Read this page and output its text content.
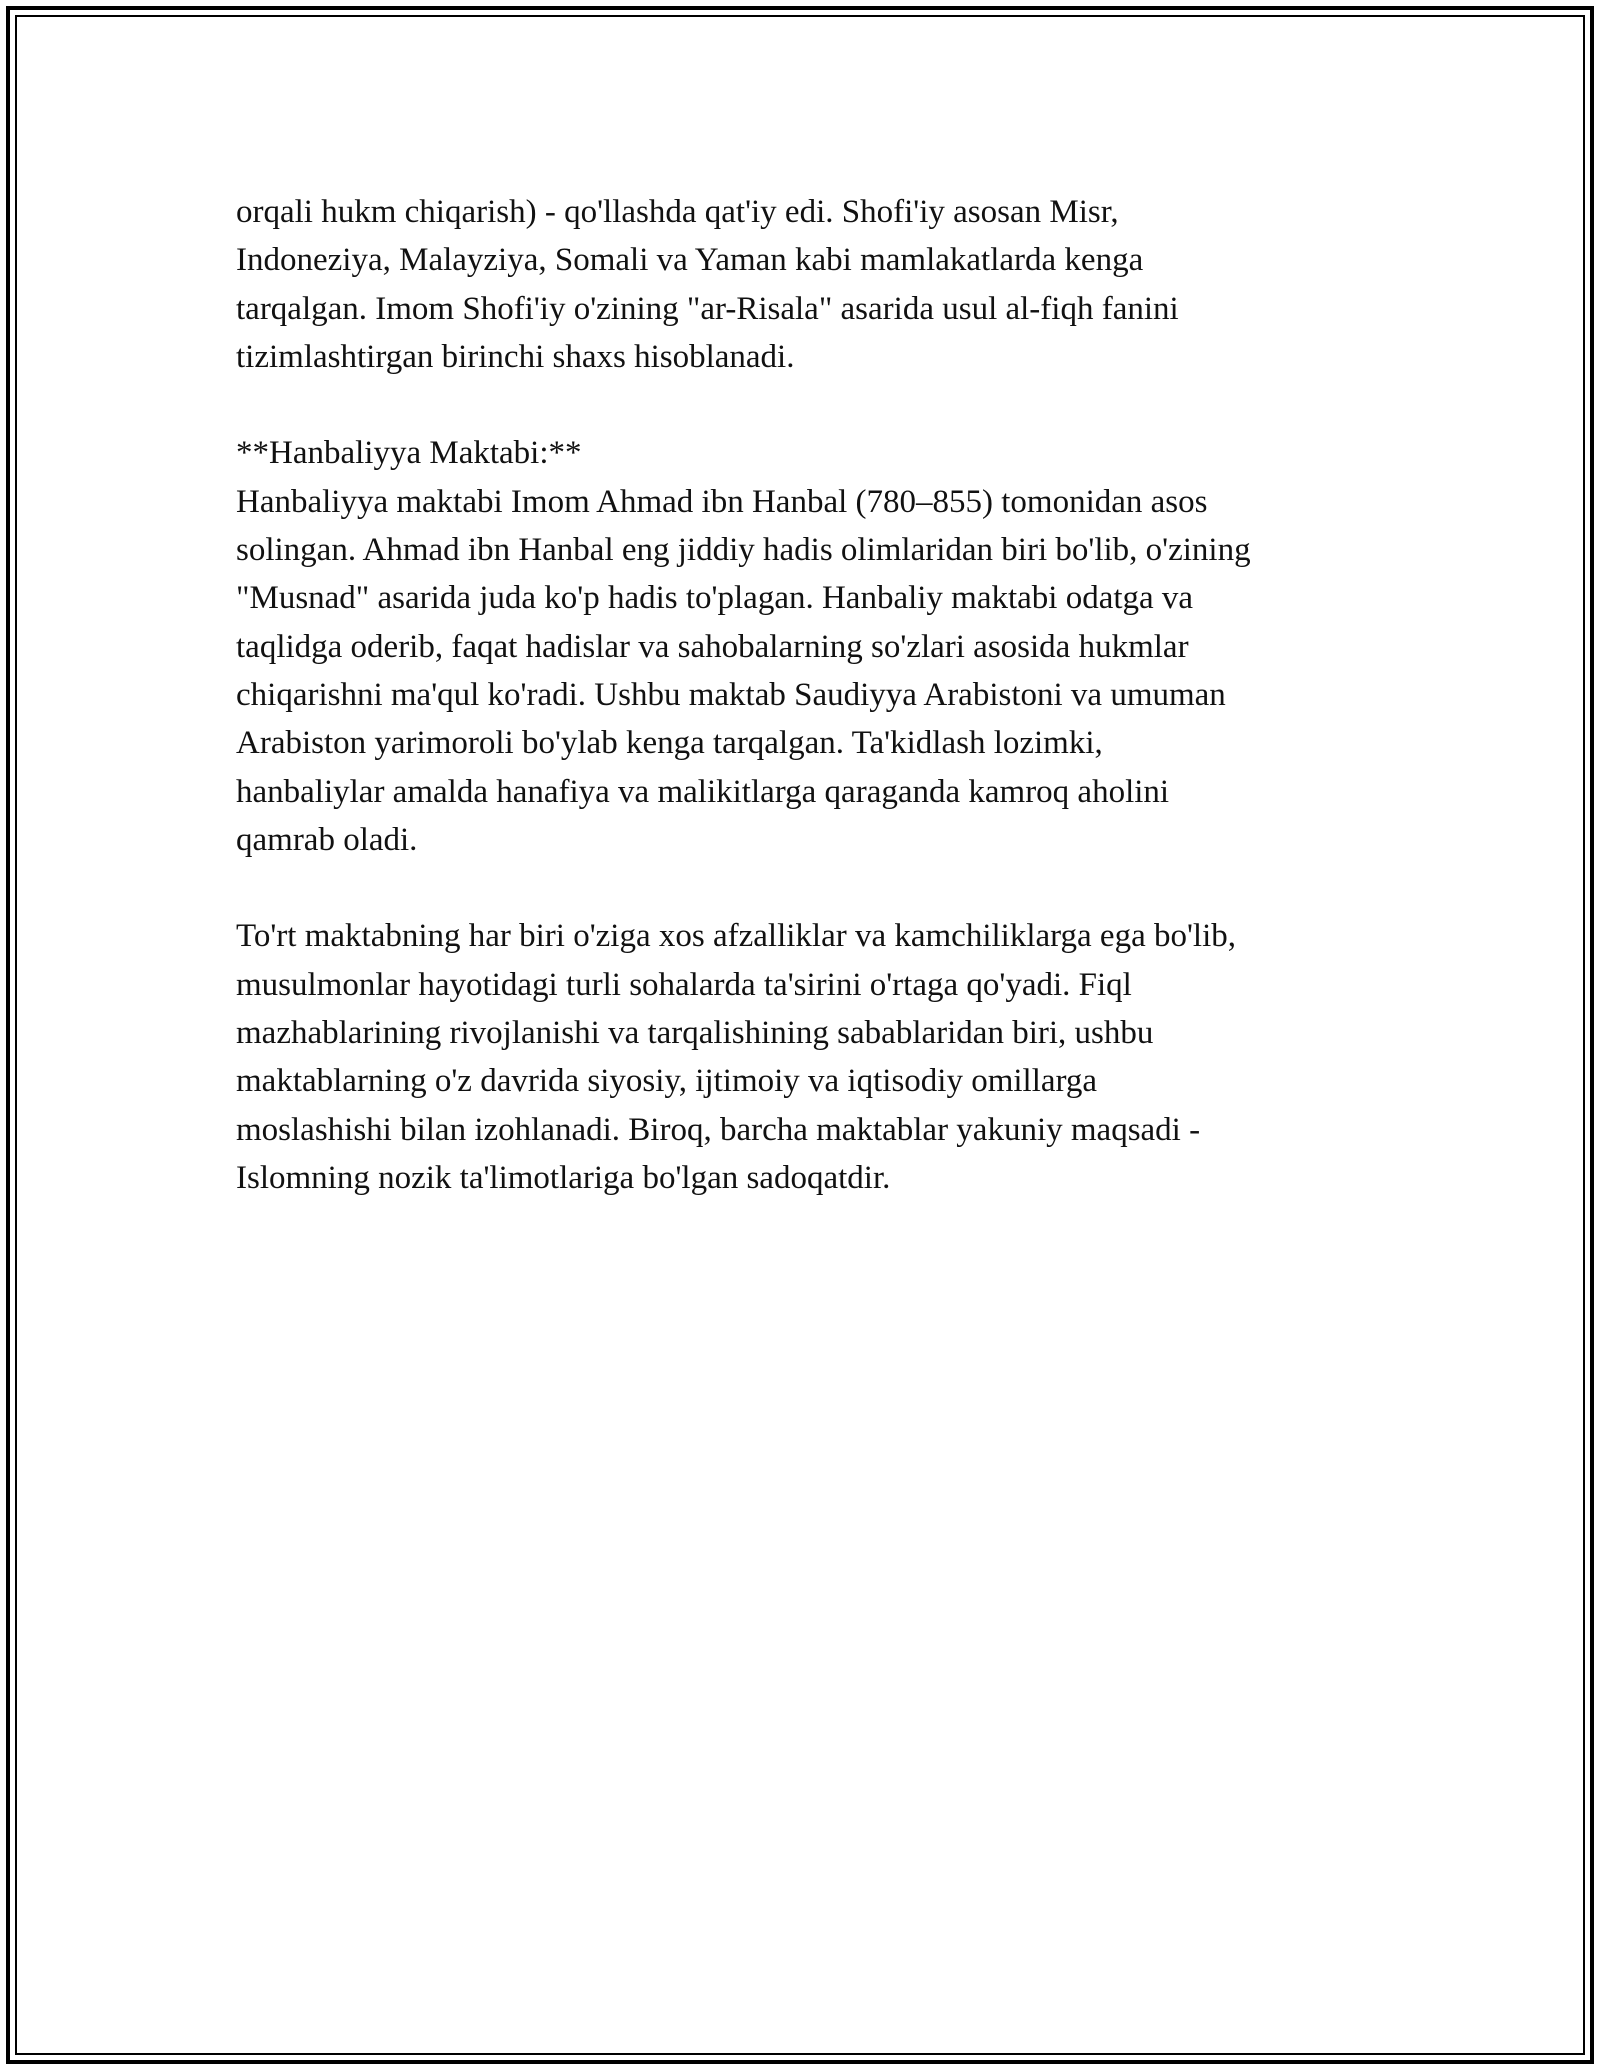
orqali hukm chiqarish) - qo'llashda qat'iy edi. Shofi'iy asosan Misr,
Indoneziya, Malayziya, Somali va Yaman kabi mamlakatlarda kenga
tarqalgan. Imom Shofi'iy o'zining "ar-Risala" asarida usul al-fiqh fanini
tizimlashtirgan birinchi shaxs hisoblanadi.
**Hanbaliyya Maktabi:**
Hanbaliyya maktabi Imom Ahmad ibn Hanbal (780–855) tomonidan asos
solingan. Ahmad ibn Hanbal eng jiddiy hadis olimlaridan biri bo'lib, o'zining
"Musnad" asarida juda ko'p hadis to'plagan. Hanbaliy maktabi odatga va
taqlidga oderib, faqat hadislar va sahobalarning so'zlari asosida hukmlar
chiqarishni ma'qul ko'radi. Ushbu maktab Saudiyya Arabistoni va umuman
Arabiston yarimoroli bo'ylab kenga tarqalgan. Ta'kidlash lozimki,
hanbaliylar amalda hanafiya va malikitlarga qaraganda kamroq aholini
qamrab oladi.
To'rt maktabning har biri o'ziga xos afzalliklar va kamchiliklarga ega bo'lib,
musulmonlar hayotidagi turli sohalarda ta'sirini o'rtaga qo'yadi. Fiql
mazhablarining rivojlanishi va tarqalishining sabablaridan biri, ushbu
maktablarning o'z davrida siyosiy, ijtimoiy va iqtisodiy omillarga
moslashishi bilan izohlanadi. Biroq, barcha maktablar yakuniy maqsadi -
Islomning nozik ta'limotlariga bo'lgan sadoqatdir.
